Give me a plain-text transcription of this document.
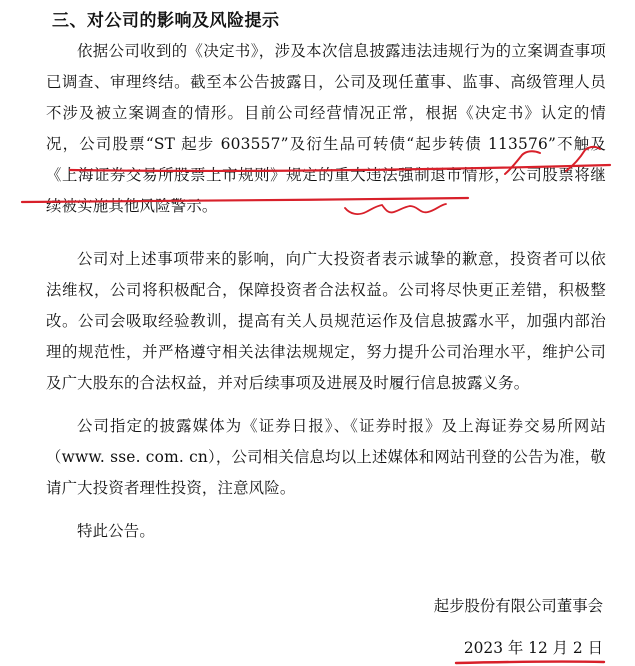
三、对公司的影响及风险提示
依据公司收到的《决定书》，涉及本次信息披露违法违规行为的立案调查事项已调查、审理终结。截至本公告披露日，公司及现任董事、监事、高级管理人员不涉及被立案调查的情形。目前公司经营情况正常，根据《决定书》认定的情况，公司股票“ST 起步 603557”及衍生品可转债“起步转债 113576”不触及《上海证券交易所股票上市规则》规定的重大违法强制退市情形，公司股票将继续被实施其他风险警示。
公司对上述事项带来的影响，向广大投资者表示诚挚的歉意，投资者可以依法维权，公司将积极配合，保障投资者合法权益。公司将尽快更正差错，积极整改。公司会吸取经验教训，提高有关人员规范运作及信息披露水平，加强内部治理的规范性，并严格遵守相关法律法规规定，努力提升公司治理水平，维护公司及广大股东的合法权益，并对后续事项及进展及时履行信息披露义务。
公司指定的披露媒体为《证券日报》、《证券时报》及上海证券交易所网站（www. sse. com. cn），公司相关信息均以上述媒体和网站刊登的公告为准，敬请广大投资者理性投资，注意风险。
特此公告。
起步股份有限公司董事会
2023 年 12 月 2 日
